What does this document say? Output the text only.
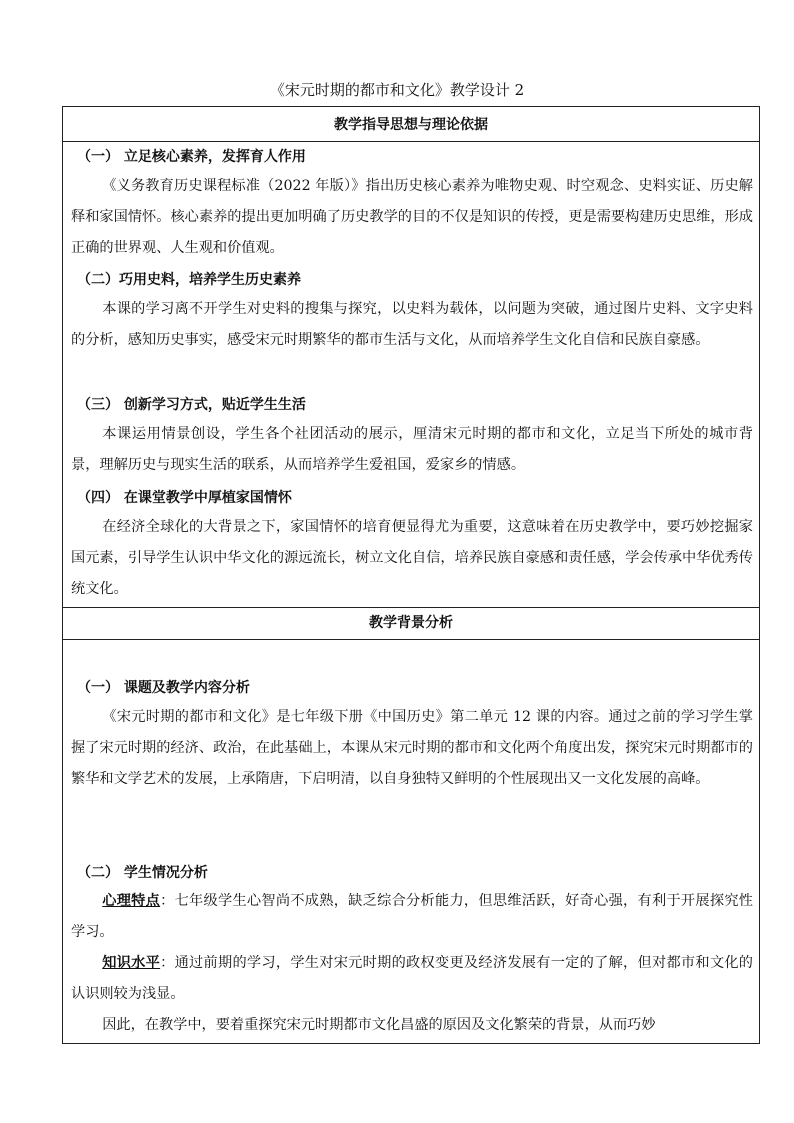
《宋元时期的都市和文化》教学设计 2
教学指导思想与理论依据
（一） 立足核心素养，发挥育人作用
《义务教育历史课程标准（2022 年版）》指出历史核心素养为唯物史观、时空观念、史料实证、历史解释和家国情怀。核心素养的提出更加明确了历史教学的目的不仅是知识的传授，更是需要构建历史思维，形成正确的世界观、人生观和价值观。
（二）巧用史料，培养学生历史素养
本课的学习离不开学生对史料的搜集与探究，以史料为载体，以问题为突破，通过图片史料、文字史料的分析，感知历史事实，感受宋元时期繁华的都市生活与文化，从而培养学生文化自信和民族自豪感。
（三） 创新学习方式，贴近学生生活
本课运用情景创设，学生各个社团活动的展示，厘清宋元时期的都市和文化，立足当下所处的城市背景，理解历史与现实生活的联系，从而培养学生爱祖国，爱家乡的情感。
（四） 在课堂教学中厚植家国情怀
在经济全球化的大背景之下，家国情怀的培育便显得尤为重要，这意味着在历史教学中，要巧妙挖掘家国元素，引导学生认识中华文化的源远流长，树立文化自信，培养民族自豪感和责任感，学会传承中华优秀传统文化。
教学背景分析
（一） 课题及教学内容分析
《宋元时期的都市和文化》是七年级下册《中国历史》第二单元 12 课的内容。通过之前的学习学生掌握了宋元时期的经济、政治，在此基础上，本课从宋元时期的都市和文化两个角度出发，探究宋元时期都市的繁华和文学艺术的发展，上承隋唐，下启明清，以自身独特又鲜明的个性展现出又一文化发展的高峰。
（二） 学生情况分析
心理特点：七年级学生心智尚不成熟，缺乏综合分析能力，但思维活跃，好奇心强，有利于开展探究性学习。
知识水平：通过前期的学习，学生对宋元时期的政权变更及经济发展有一定的了解，但对都市和文化的认识则较为浅显。
因此，在教学中，要着重探究宋元时期都市文化昌盛的原因及文化繁荣的背景，从而巧妙
